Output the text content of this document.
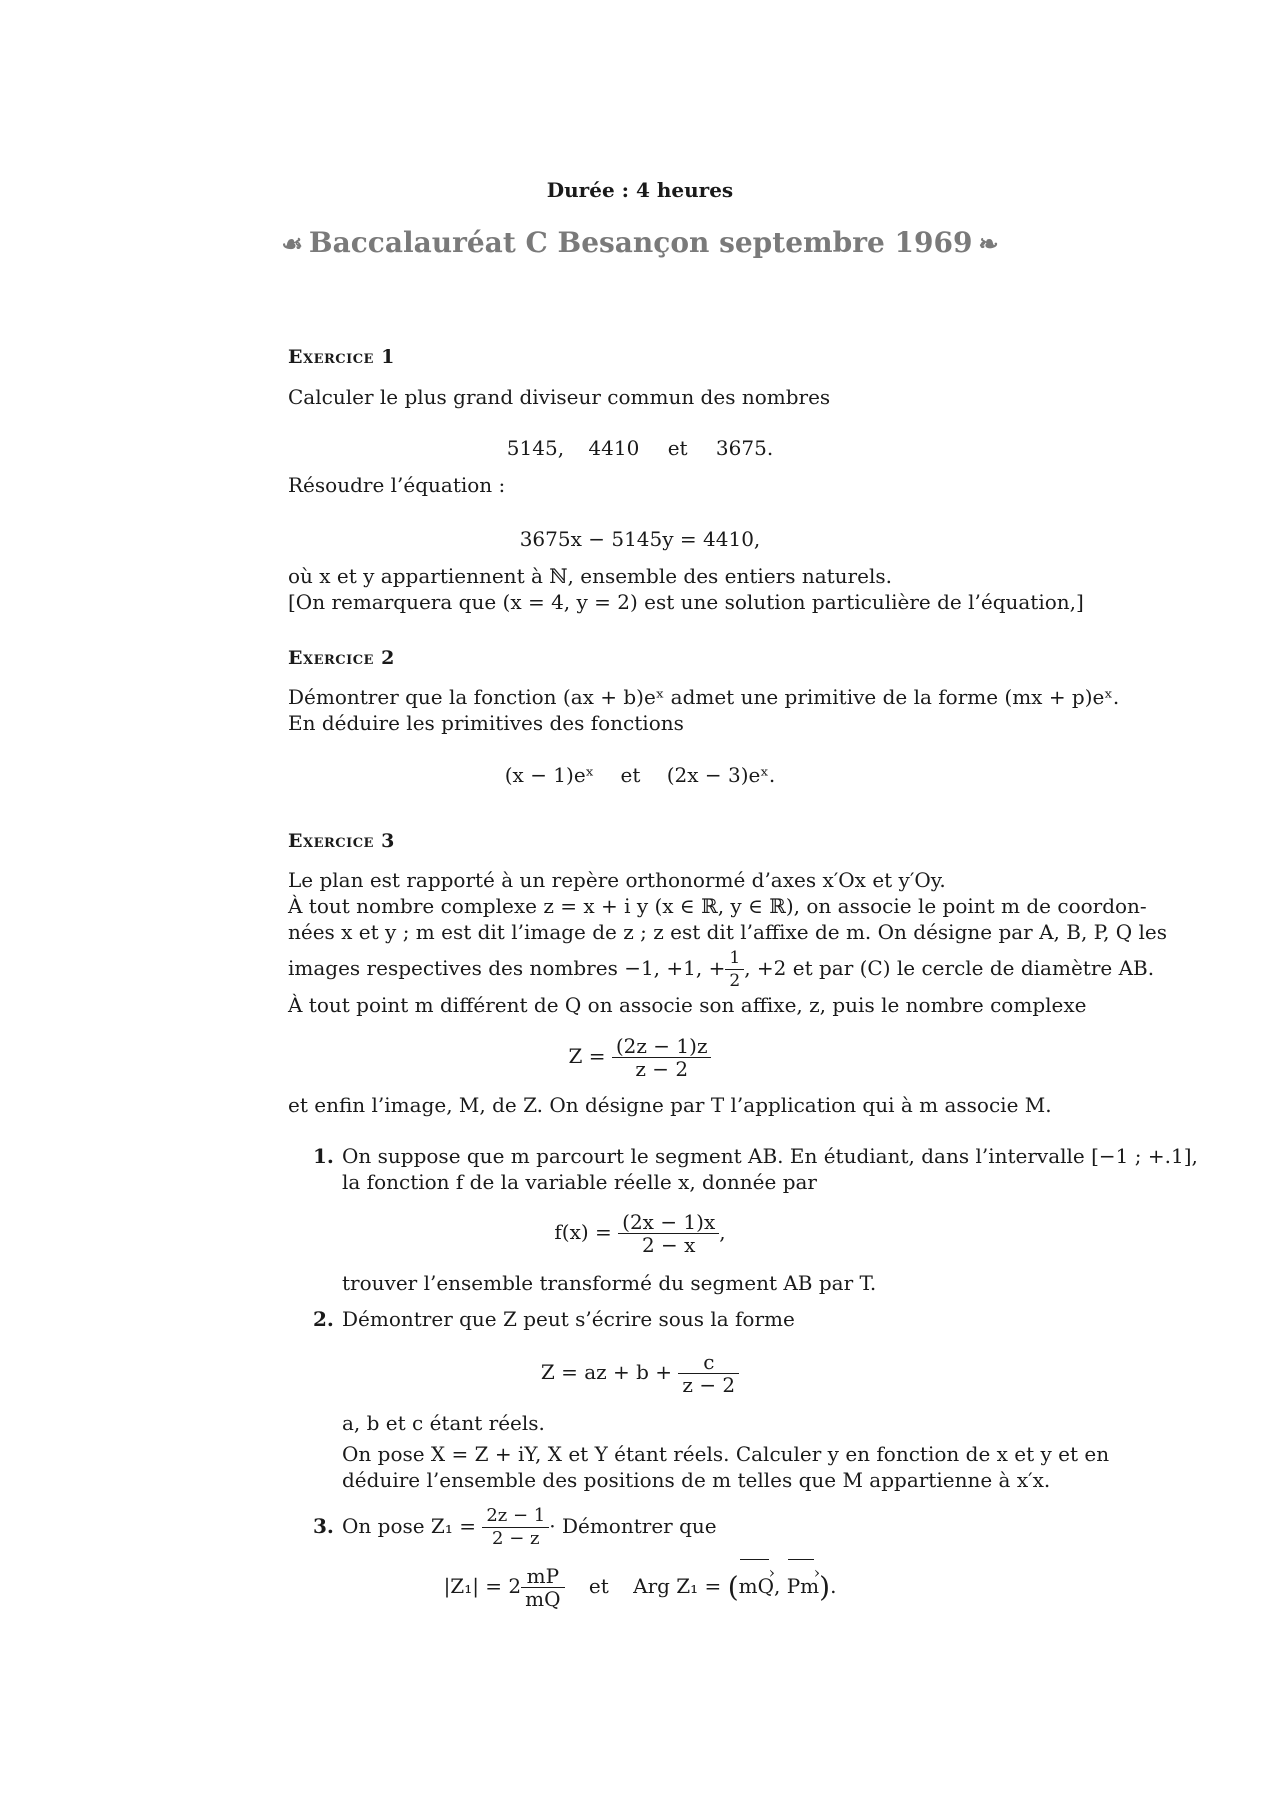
Durée : 4 heures
☙ Baccalauréat C Besançon septembre 1969 ❧
Exercice 1
Calculer le plus grand diviseur commun des nombres
5145, 4410 et 3675.
Résoudre l’équation :
3675x − 5145y = 4410,
où x et y appartiennent à ℕ, ensemble des entiers naturels.
[On remarquera que (x = 4, y = 2) est une solution particulière de l’équation,]
Exercice 2
Démontrer que la fonction (ax + b)eˣ admet une primitive de la forme (mx + p)eˣ.
En déduire les primitives des fonctions
(x − 1)eˣ et (2x − 3)eˣ.
Exercice 3
Le plan est rapporté à un repère orthonormé d’axes x′Ox et y′Oy.
À tout nombre complexe z = x + i y (x ∈ ℝ, y ∈ ℝ), on associe le point m de coordon-
nées x et y ; m est dit l’image de z ; z est dit l’affixe de m. On désigne par A, B, P, Q les
images respectives des nombres −1, +1, + $\frac{1}{2}$ , +2 et par (C) le cercle de diamètre AB.
À tout point m différent de Q on associe son affixe, z, puis le nombre complexe
$Z = \frac{(2z - 1)z}{z - 2}$
et enfin l’image, M, de Z. On désigne par T l’application qui à m associe M.
1. On suppose que m parcourt le segment AB. En étudiant, dans l’intervalle [−1 ; +.1],
la fonction f de la variable réelle x, donnée par
$f(x) = \frac{(2x - 1)x}{2 - x}$ ,
trouver l’ensemble transformé du segment AB par T.
2. Démontrer que Z peut s’écrire sous la forme
Z = az + $b + \frac{c}{z - 2}$
a, b et c étant réels.
On pose X = Z + iY, X et Y étant réels. Calculer y en fonction de x et y et en
déduire l’ensemble des positions de m telles que M appartienne à x′x.
3. On pose $Z_1 = \frac{2z - 1}{2 - z}$ · Démontrer que
$|Z_1| = 2 \frac{mP}{mQ}$ et Arg Z₁ = (mQ ›, Pm ›).
